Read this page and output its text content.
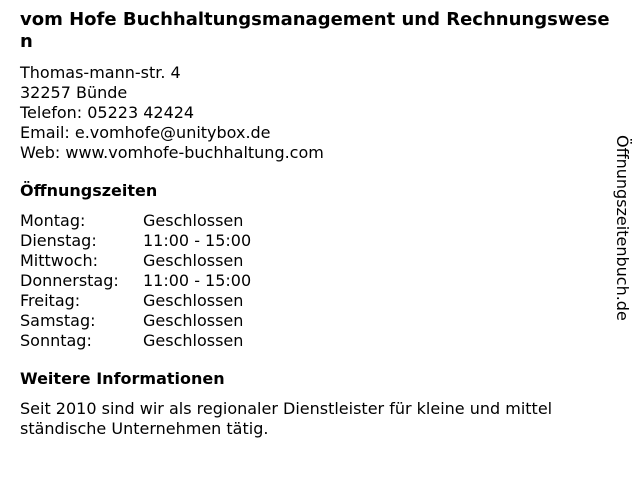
vom Hofe Buchhaltungsmanagement und Rechnungswesen
Thomas-mann-str. 4
32257 Bünde
Telefon: 05223 42424
Email: e.vomhofe@unitybox.de
Web: www.vomhofe-buchhaltung.com
Öffnungszeiten
Montag:	Geschlossen
Dienstag:	11:00 - 15:00
Mittwoch:	Geschlossen
Donnerstag:	11:00 - 15:00
Freitag:	Geschlossen
Samstag:	Geschlossen
Sonntag:	Geschlossen
Weitere Informationen
Seit 2010 sind wir als regionaler Dienstleister für kleine und mittel ständische Unternehmen tätig.
Öffnungszeitenbuch.de
